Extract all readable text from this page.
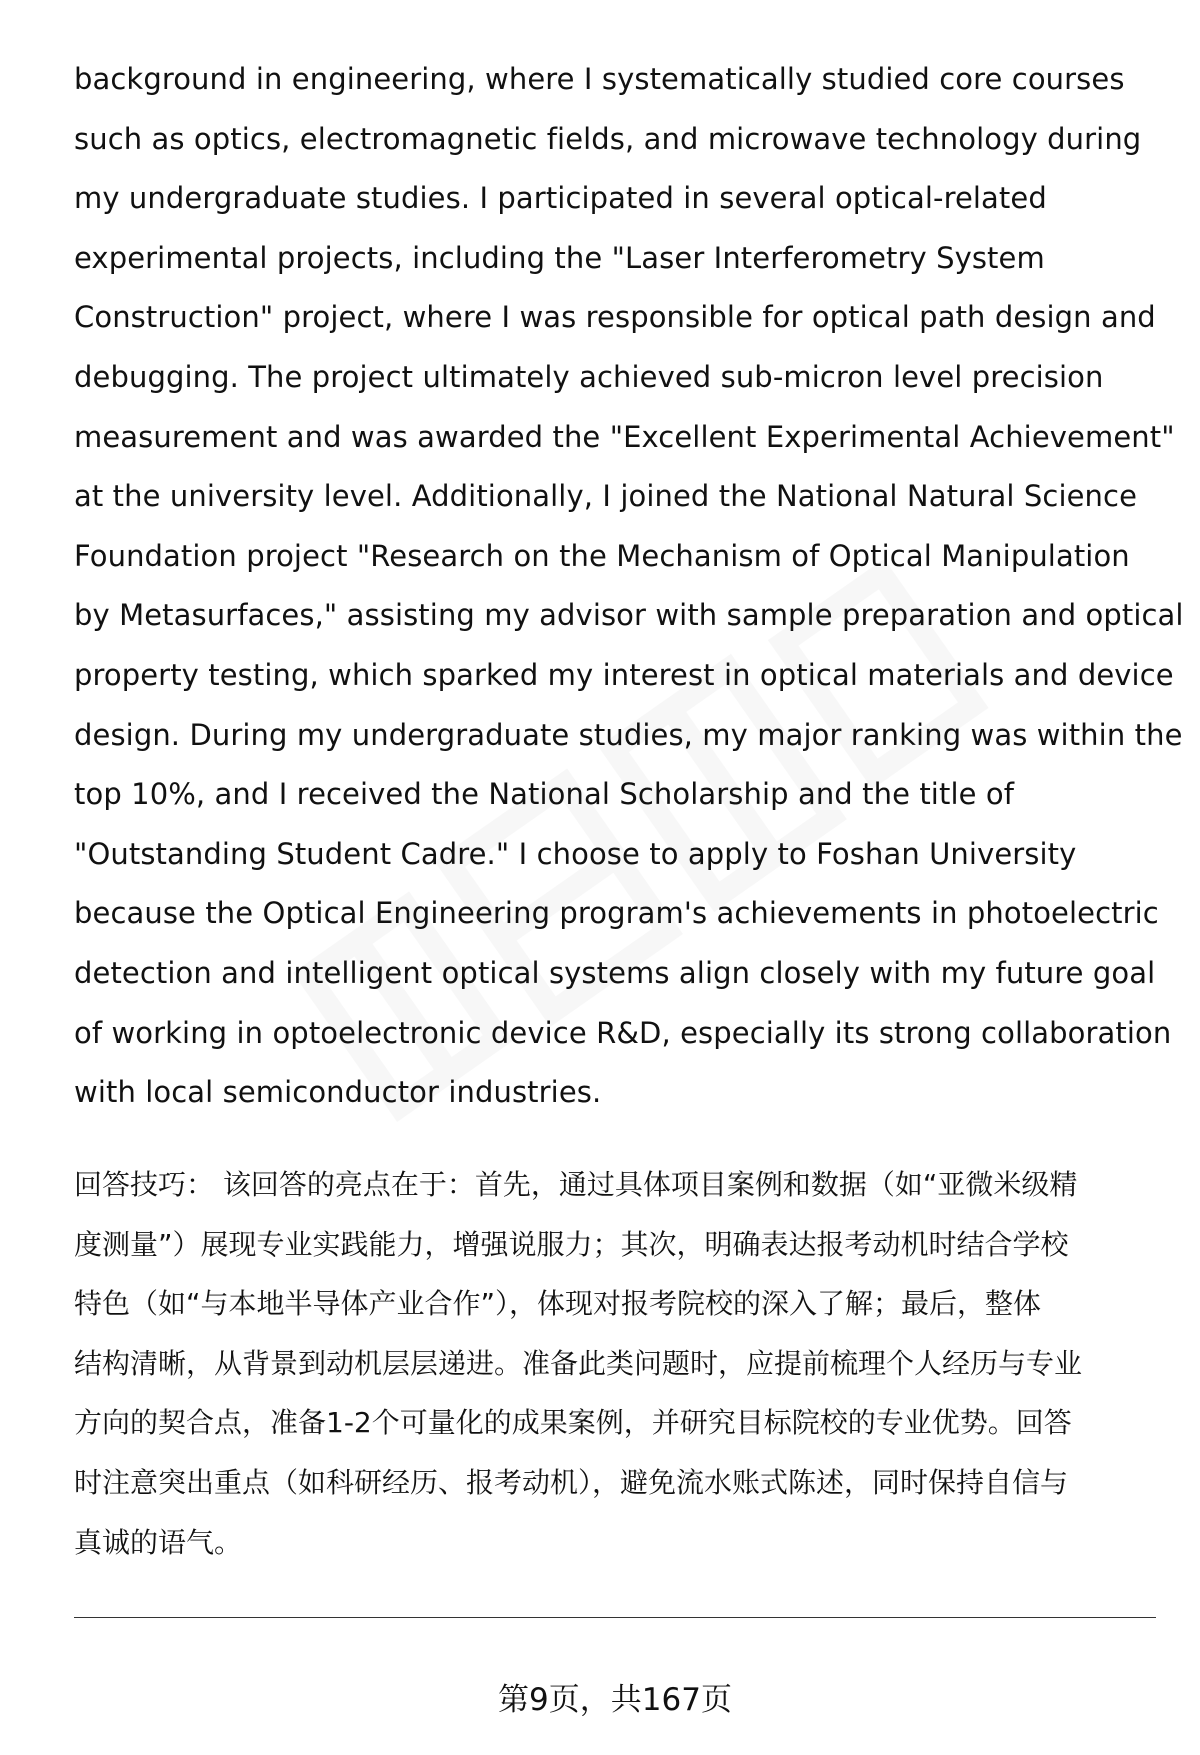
background in engineering, where I systematically studied core courses
such as optics, electromagnetic fields, and microwave technology during
my undergraduate studies. I participated in several optical-related
experimental projects, including the "Laser Interferometry System
Construction" project, where I was responsible for optical path design and
debugging. The project ultimately achieved sub-micron level precision
measurement and was awarded the "Excellent Experimental Achievement"
at the university level. Additionally, I joined the National Natural Science
Foundation project "Research on the Mechanism of Optical Manipulation
by Metasurfaces," assisting my advisor with sample preparation and optical
property testing, which sparked my interest in optical materials and device
design. During my undergraduate studies, my major ranking was within the
top 10%, and I received the National Scholarship and the title of
"Outstanding Student Cadre." I choose to apply to Foshan University
because the Optical Engineering program's achievements in photoelectric
detection and intelligent optical systems align closely with my future goal
of working in optoelectronic device R&D, especially its strong collaboration
with local semiconductor industries.
回答技巧： 该回答的亮点在于：首先，通过具体项目案例和数据（如“亚微米级精
度测量”）展现专业实践能力，增强说服力；其次，明确表达报考动机时结合学校
特色（如“与本地半导体产业合作”），体现对报考院校的深入了解；最后，整体
结构清晰，从背景到动机层层递进。准备此类问题时，应提前梳理个人经历与专业
方向的契合点，准备1-2个可量化的成果案例，并研究目标院校的专业优势。回答
时注意突出重点（如科研经历、报考动机），避免流水账式陈述，同时保持自信与
真诚的语气。
第9页，共167页
